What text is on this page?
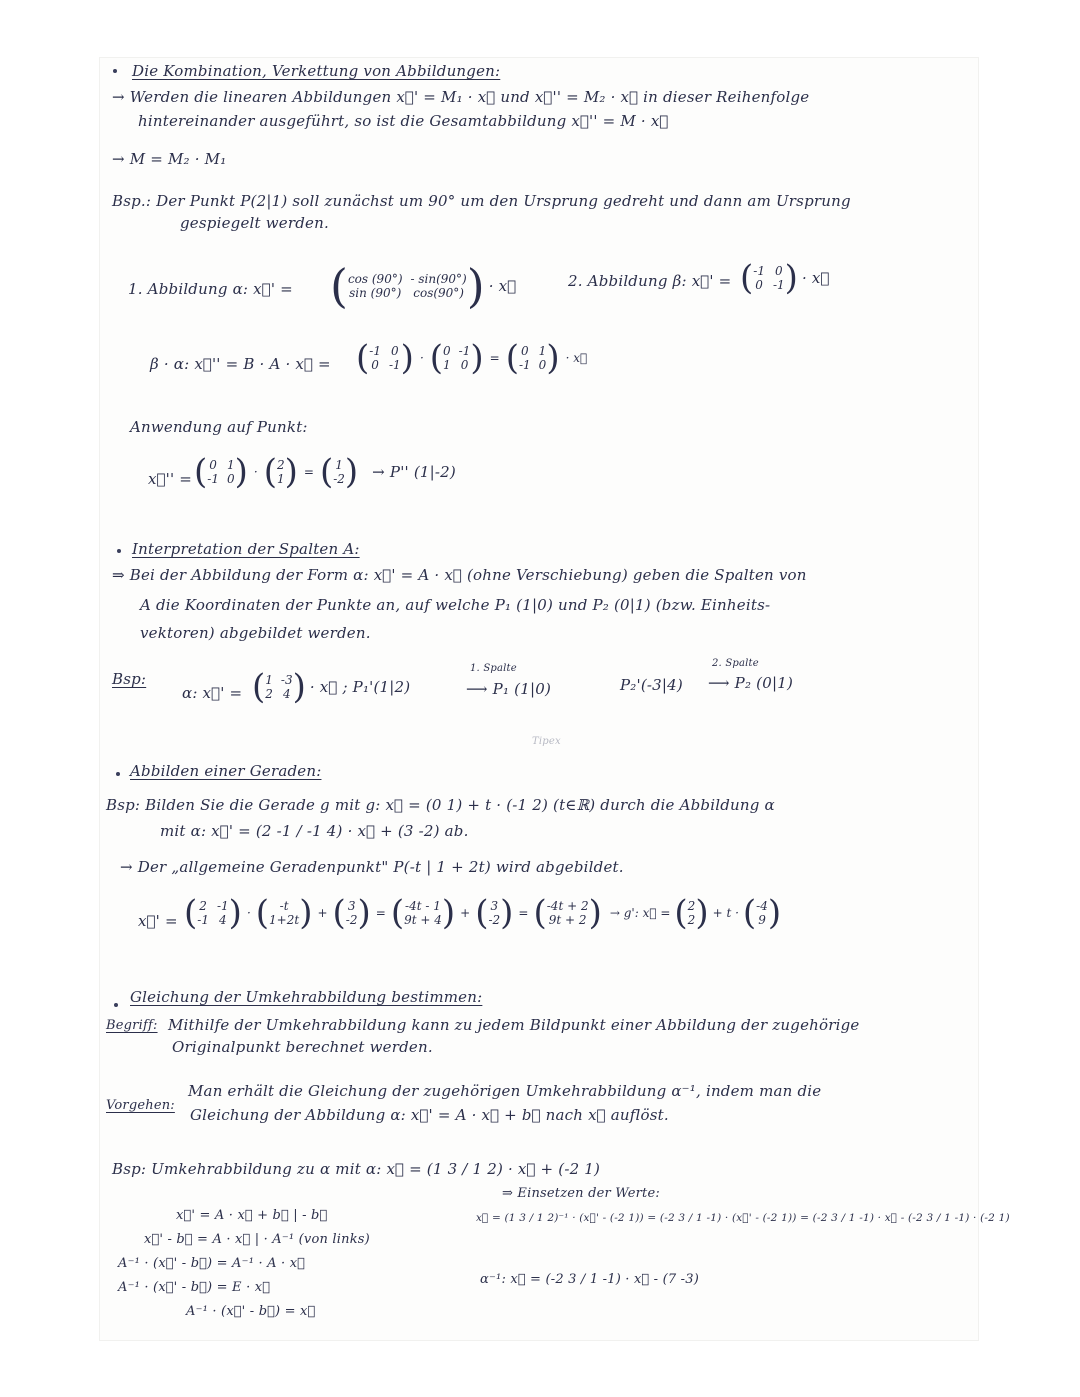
Die Kombination, Verkettung von Abbildungen:
→ Werden die linearen Abbildungen x⃗' = M₁ · x⃗ und x⃗'' = M₂ · x⃗ in dieser Reihenfolge
hintereinander ausgeführt, so ist die Gesamtabbildung x⃗'' = M · x⃗
→ M = M₂ · M₁
Bsp.: Der Punkt P(2|1) soll zunächst um 90° um den Ursprung gedreht und dann am Ursprung
gespiegelt werden.
1. Abbildung α: x⃗' = ( cos (90°) - sin(90°)
sin (90°) cos(90°) ) · x⃗	2. Abbildung β: x⃗' = ( -1 0
0 -1 ) · x⃗
β · α: x⃗'' = B · A · x⃗ = ( -1 0
0 -1 ) · ( 0 -1
1 0 ) = ( 0 1
-1 0 ) · x⃗
Anwendung auf Punkt:
x⃗'' = ( 0 1
-1 0 ) · ( 2
1 ) = ( 1
-2 ) → P'' (1|-2)
Interpretation der Spalten A:
⇒ Bei der Abbildung der Form α: x⃗' = A · x⃗ (ohne Verschiebung) geben die Spalten von
A die Koordinaten der Punkte an, auf welche P₁ (1|0) und P₂ (0|1) (bzw. Einheits-
vektoren) abgebildet werden.
Bsp:
α: x⃗' = ( 1 -3
2 4 ) · x⃗ ; P₁'(1|2)
1. Spalte
⟶ P₁ (1|0)	P₂'(-3|4)
2. Spalte
⟶ P₂ (0|1)
Tipex
Abbilden einer Geraden:
Bsp: Bilden Sie die Gerade g mit g: x⃗ = (0 1) + t · (-1 2) (t∈ℝ) durch die Abbildung α
mit α: x⃗' = (2 -1 / -1 4) · x⃗ + (3 -2) ab.
→ Der „allgemeine Geradenpunkt" P(-t | 1 + 2t) wird abgebildet.
x⃗' = ( 2 -1
-1 4 ) · ( -t
1+2t ) + ( 3
-2 ) = ( -4t - 1
9t + 4 ) + ( 3
-2 ) = ( -4t + 2
9t + 2 ) → g': x⃗ = ( 2
2 ) + t · ( -4
9 )
Gleichung der Umkehrabbildung bestimmen:
Begriff: Mithilfe der Umkehrabbildung kann zu jedem Bildpunkt einer Abbildung der zugehörige
Originalpunkt berechnet werden.
Vorgehen:
Man erhält die Gleichung der zugehörigen Umkehrabbildung α⁻¹, indem man die
Gleichung der Abbildung α: x⃗' = A · x⃗ + b⃗ nach x⃗ auflöst.
Bsp: Umkehrabbildung zu α mit α: x⃗ = (1 3 / 1 2) · x⃗ + (-2 1)
x⃗' = A · x⃗ + b⃗ | - b⃗
x⃗' - b⃗ = A · x⃗ | · A⁻¹ (von links)
A⁻¹ · (x⃗' - b⃗) = A⁻¹ · A · x⃗
A⁻¹ · (x⃗' - b⃗) = E · x⃗
A⁻¹ · (x⃗' - b⃗) = x⃗
⇒ Einsetzen der Werte:
x⃗ = (1 3 / 1 2)⁻¹ · (x⃗' - (-2 1)) = (-2 3 / 1 -1) · (x⃗' - (-2 1)) = (-2 3 / 1 -1) · x⃗ - (-2 3 / 1 -1) · (-2 1)
α⁻¹: x⃗ = (-2 3 / 1 -1) · x⃗ - (7 -3)
